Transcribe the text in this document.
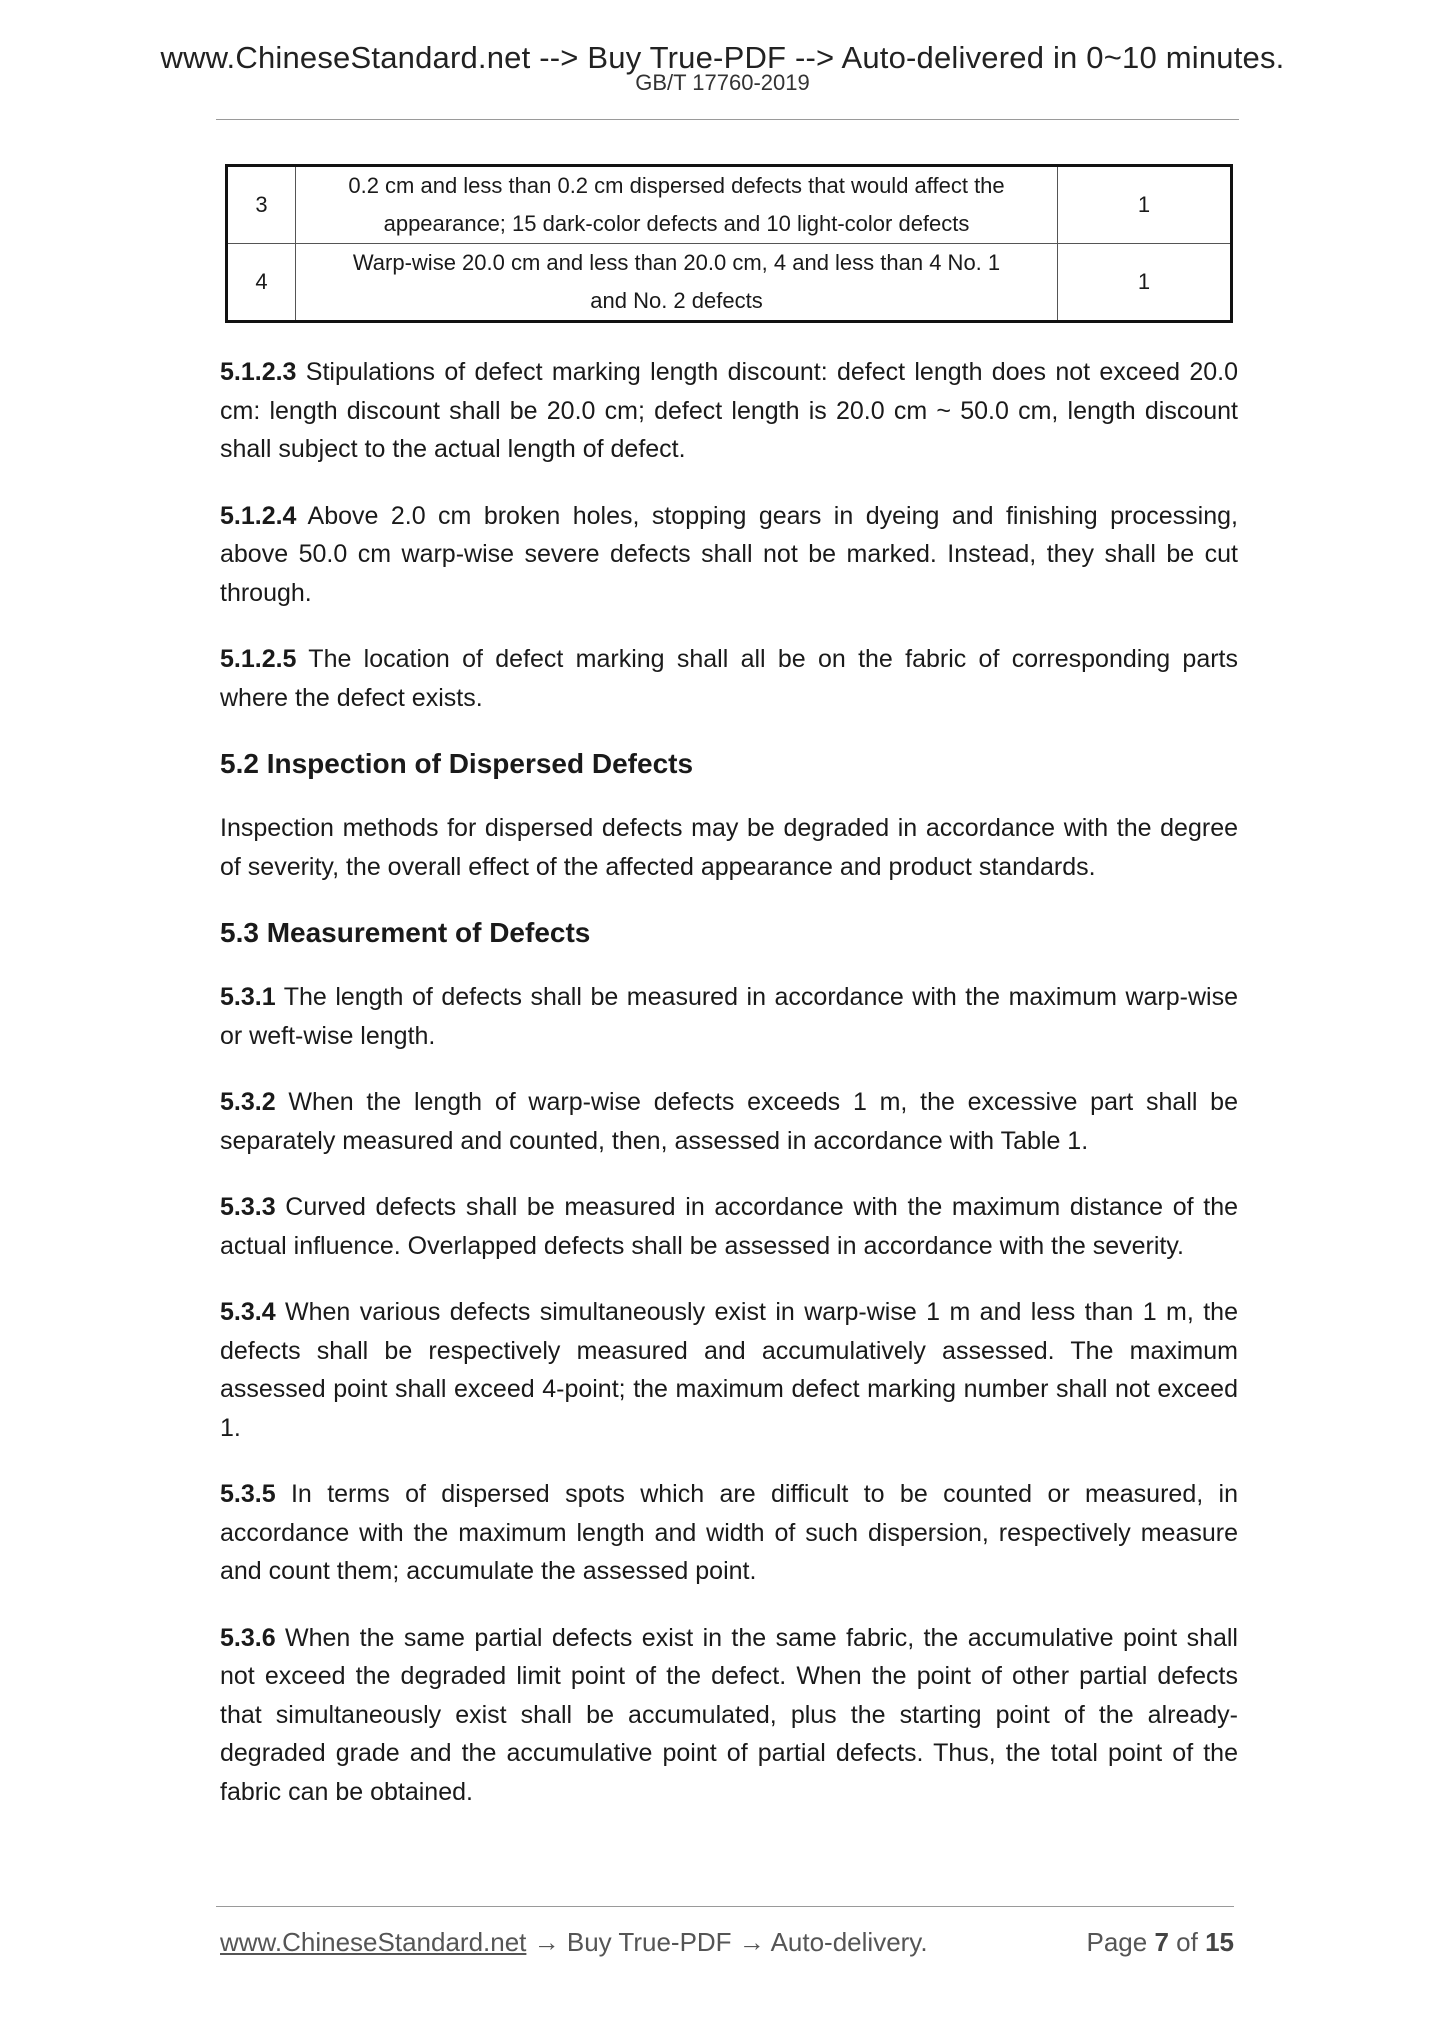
www.ChineseStandard.net --> Buy True-PDF --> Auto-delivered in 0~10 minutes.
GB/T 17760-2019
3	0.2 cm and less than 0.2 cm dispersed defects that would affect the
appearance; 15 dark-color defects and 10 light-color defects	1
4	Warp-wise 20.0 cm and less than 20.0 cm, 4 and less than 4 No. 1
and No. 2 defects	1

5.1.2.3 Stipulations of defect marking length discount: defect length does not exceed 20.0 cm: length discount shall be 20.0 cm; defect length is 20.0 cm ~ 50.0 cm, length discount shall subject to the actual length of defect.

5.1.2.4 Above 2.0 cm broken holes, stopping gears in dyeing and finishing processing, above 50.0 cm warp-wise severe defects shall not be marked. Instead, they shall be cut through.

5.1.2.5 The location of defect marking shall all be on the fabric of corresponding parts where the defect exists.

5.2 Inspection of Dispersed Defects

Inspection methods for dispersed defects may be degraded in accordance with the degree of severity, the overall effect of the affected appearance and product standards.

5.3 Measurement of Defects

5.3.1 The length of defects shall be measured in accordance with the maximum warp-wise or weft-wise length.

5.3.2 When the length of warp-wise defects exceeds 1 m, the excessive part shall be separately measured and counted, then, assessed in accordance with Table 1.

5.3.3 Curved defects shall be measured in accordance with the maximum distance of the actual influence. Overlapped defects shall be assessed in accordance with the severity.

5.3.4 When various defects simultaneously exist in warp-wise 1 m and less than 1 m, the defects shall be respectively measured and accumulatively assessed. The maximum assessed point shall exceed 4-point; the maximum defect marking number shall not exceed 1.

5.3.5 In terms of dispersed spots which are difficult to be counted or measured, in accordance with the maximum length and width of such dispersion, respectively measure and count them; accumulate the assessed point.

5.3.6 When the same partial defects exist in the same fabric, the accumulative point shall not exceed the degraded limit point of the defect. When the point of other partial defects that simultaneously exist shall be accumulated, plus the starting point of the already-degraded grade and the accumulative point of partial defects. Thus, the total point of the fabric can be obtained.

www.ChineseStandard.net → Buy True-PDF → Auto-delivery.	Page 7 of 15
